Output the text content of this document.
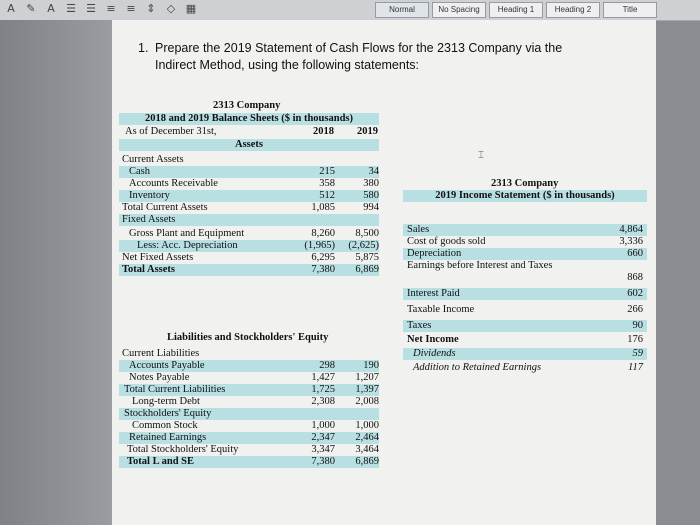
A ✎ A ☰ ☰ ≡ ≡ ⇕ ◇ ▦	Normal	No Spacing	Heading 1	Heading 2	Title
1. Prepare the 2019 Statement of Cash Flows for the 2313 Company via the Indirect Method, using the following statements:
⌶
2313 Company
2018 and 2019 Balance Sheets ($ in thousands)
As of December 31st,	2018 2019
Assets
Current Assets
Cash	215	34
Accounts Receivable	358	380
Inventory	512	580
Total Current Assets	1,085	994
Fixed Assets
Gross Plant and Equipment	8,260	8,500
Less: Acc. Depreciation	(1,965)	(2,625)
Net Fixed Assets	6,295	5,875
Total Assets	7,380	6,869
Current Liabilities
Accounts Payable	298	190
Notes Payable	1,427	1,207
Total Current Liabilities	1,725	1,397
Long-term Debt	2,308	2,008
Stockholders' Equity
Common Stock	1,000	1,000
Retained Earnings	2,347	2,464
Total Stockholders' Equity	3,347	3,464
Total L and SE	7,380	6,869
Liabilities and Stockholders' Equity
2313 Company
2019 Income Statement ($ in thousands)
Sales	4,864
Cost of goods sold	3,336
Depreciation	660
Earnings before Interest and Taxes
868
Interest Paid	602
Taxable Income	266
Taxes	90
Net Income	176
Dividends	59
Addition to Retained Earnings	117
